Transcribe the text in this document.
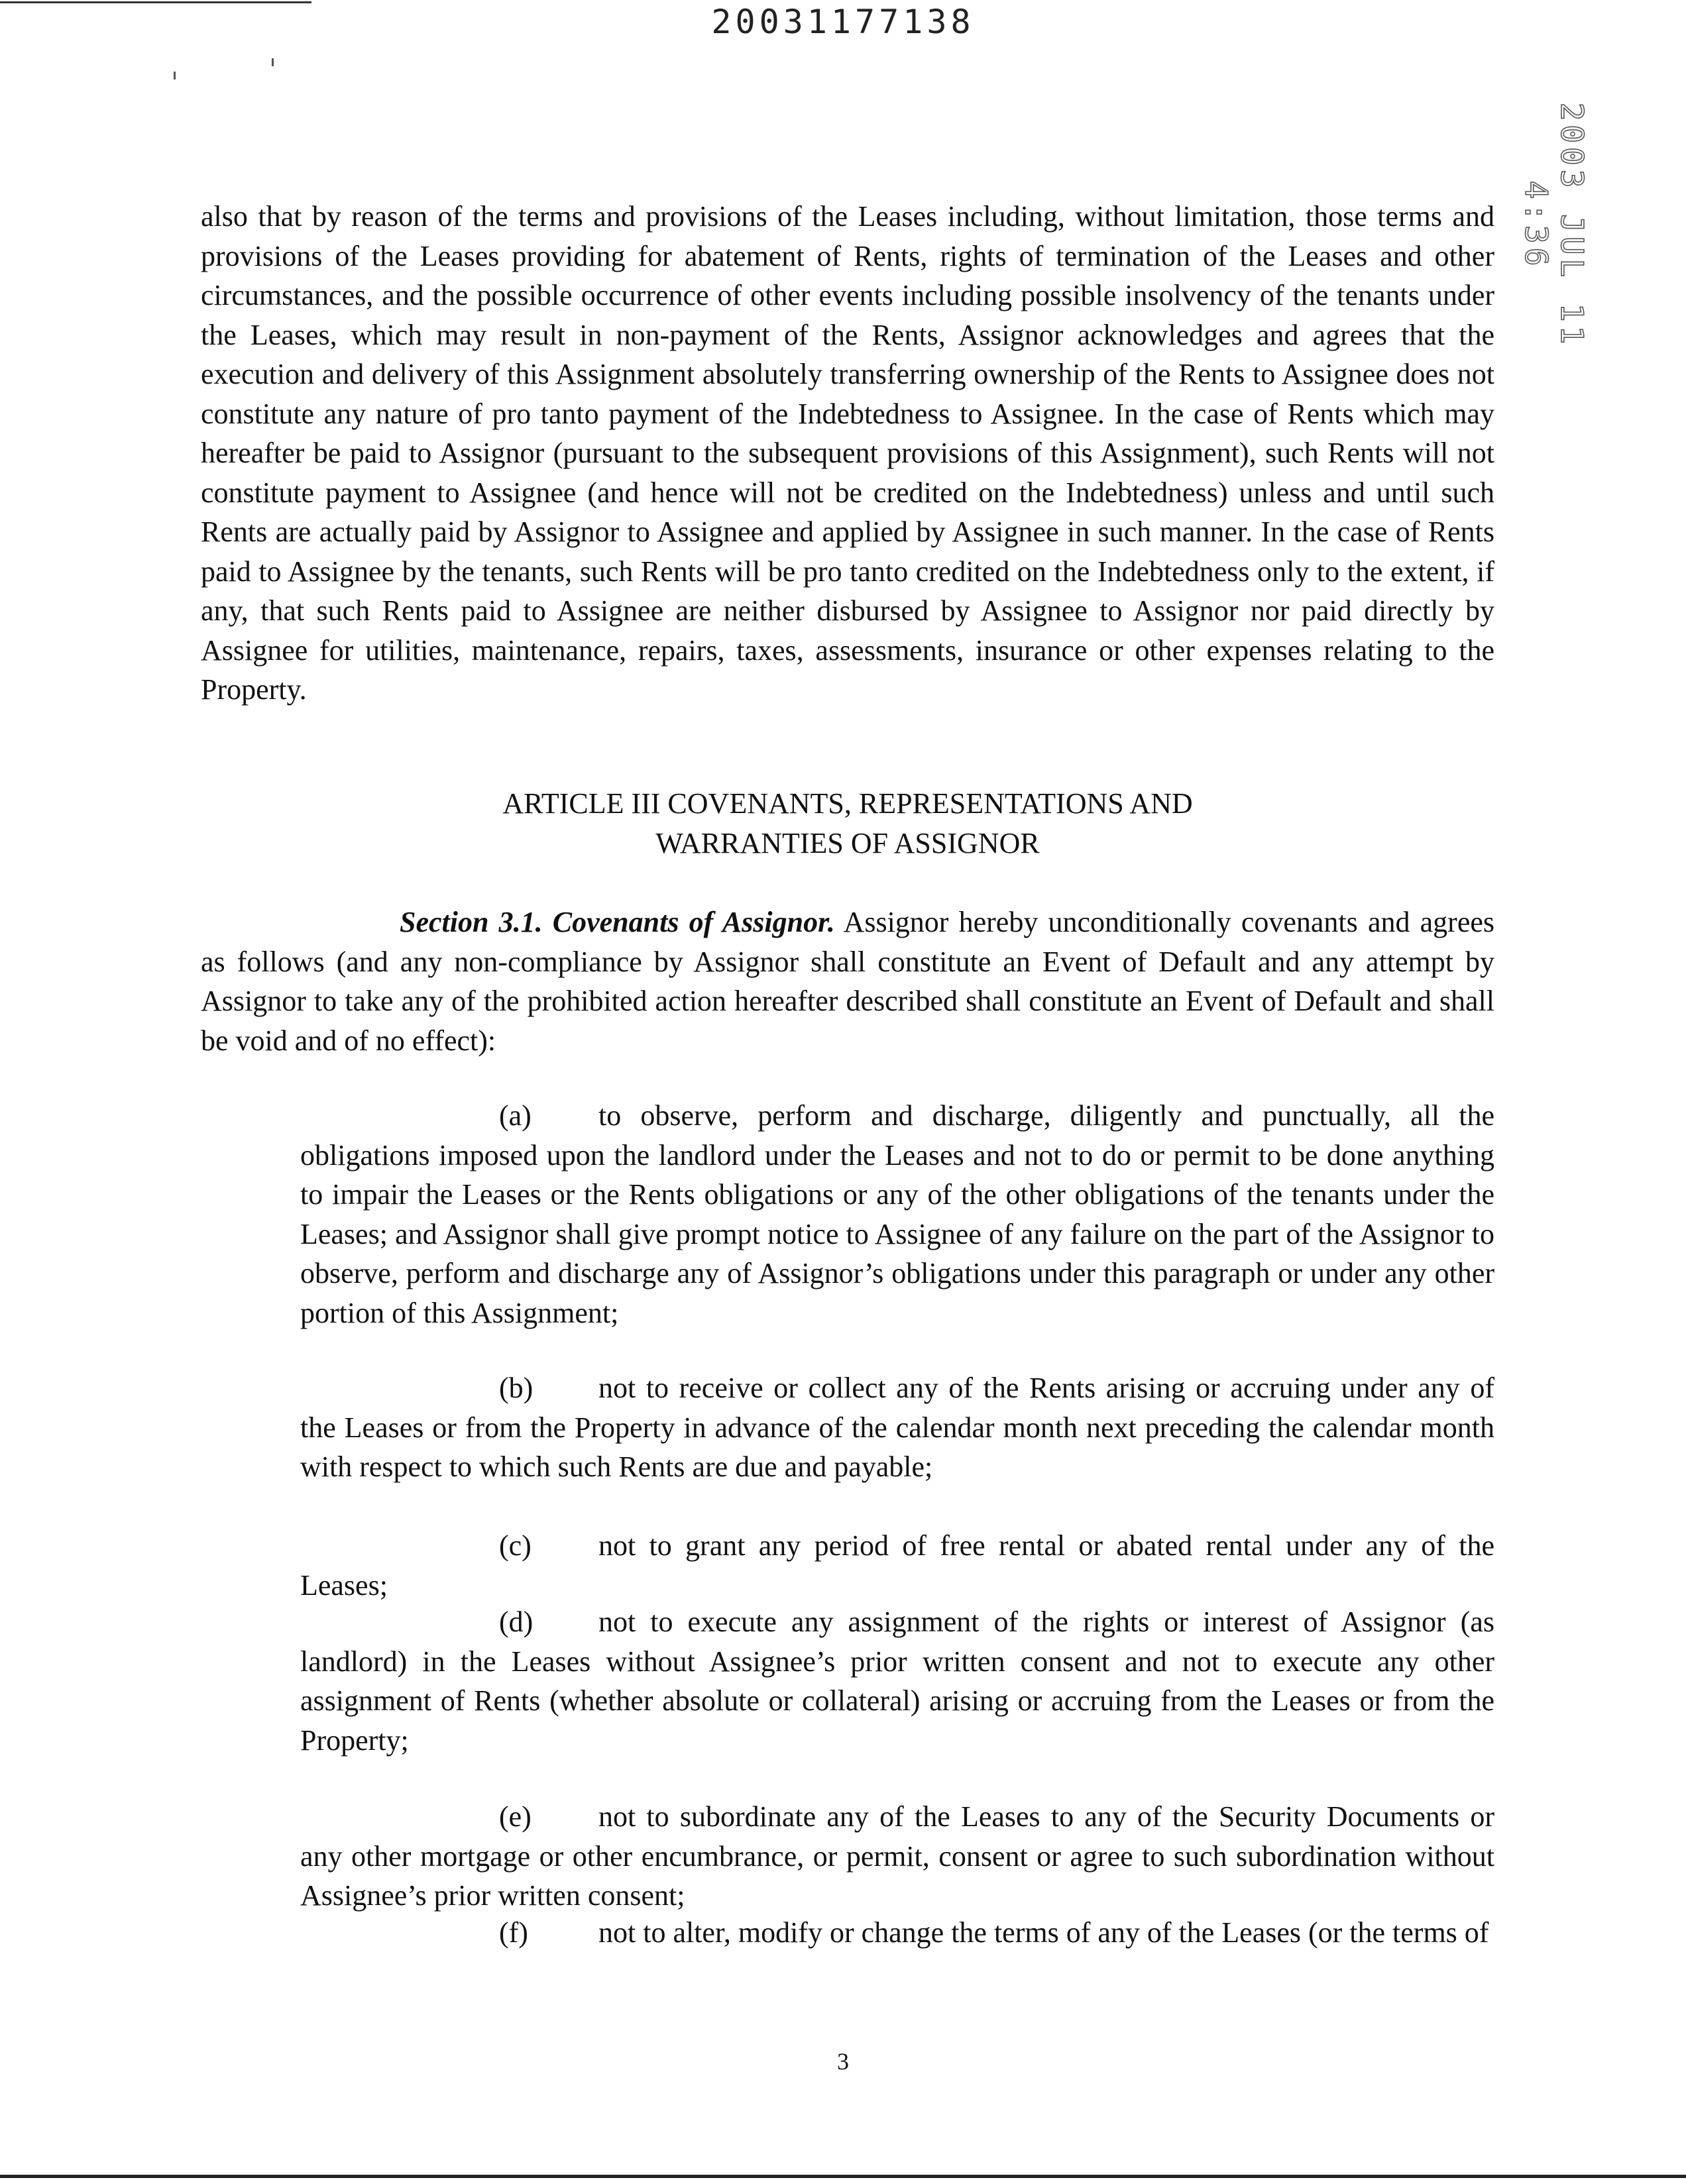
20031177138
2003 JUL 11 4:36

also that by reason of the terms and provisions of the Leases including, without limitation, those terms and provisions of the Leases providing for abatement of Rents, rights of termination of the Leases and other circumstances, and the possible occurrence of other events including possible insolvency of the tenants under the Leases, which may result in non-payment of the Rents, Assignor acknowledges and agrees that the execution and delivery of this Assignment absolutely transferring ownership of the Rents to Assignee does not constitute any nature of pro tanto payment of the Indebtedness to Assignee. In the case of Rents which may hereafter be paid to Assignor (pursuant to the subsequent provisions of this Assignment), such Rents will not constitute payment to Assignee (and hence will not be credited on the Indebtedness) unless and until such Rents are actually paid by Assignor to Assignee and applied by Assignee in such manner. In the case of Rents paid to Assignee by the tenants, such Rents will be pro tanto credited on the Indebtedness only to the extent, if any, that such Rents paid to Assignee are neither disbursed by Assignee to Assignor nor paid directly by Assignee for utilities, maintenance, repairs, taxes, assessments, insurance or other expenses relating to the Property.

ARTICLE III COVENANTS, REPRESENTATIONS AND
WARRANTIES OF ASSIGNOR

Section 3.1. Covenants of Assignor. Assignor hereby unconditionally covenants and agrees as follows (and any non-compliance by Assignor shall constitute an Event of Default and any attempt by Assignor to take any of the prohibited action hereafter described shall constitute an Event of Default and shall be void and of no effect):

(a) to observe, perform and discharge, diligently and punctually, all the obligations imposed upon the landlord under the Leases and not to do or permit to be done anything to impair the Leases or the Rents obligations or any of the other obligations of the tenants under the Leases; and Assignor shall give prompt notice to Assignee of any failure on the part of the Assignor to observe, perform and discharge any of Assignor’s obligations under this paragraph or under any other portion of this Assignment;

(b) not to receive or collect any of the Rents arising or accruing under any of the Leases or from the Property in advance of the calendar month next preceding the calendar month with respect to which such Rents are due and payable;

(c) not to grant any period of free rental or abated rental under any of the Leases;

(d) not to execute any assignment of the rights or interest of Assignor (as landlord) in the Leases without Assignee’s prior written consent and not to execute any other assignment of Rents (whether absolute or collateral) arising or accruing from the Leases or from the Property;

(e) not to subordinate any of the Leases to any of the Security Documents or any other mortgage or other encumbrance, or permit, consent or agree to such subordination without Assignee’s prior written consent;

(f) not to alter, modify or change the terms of any of the Leases (or the terms of

3
